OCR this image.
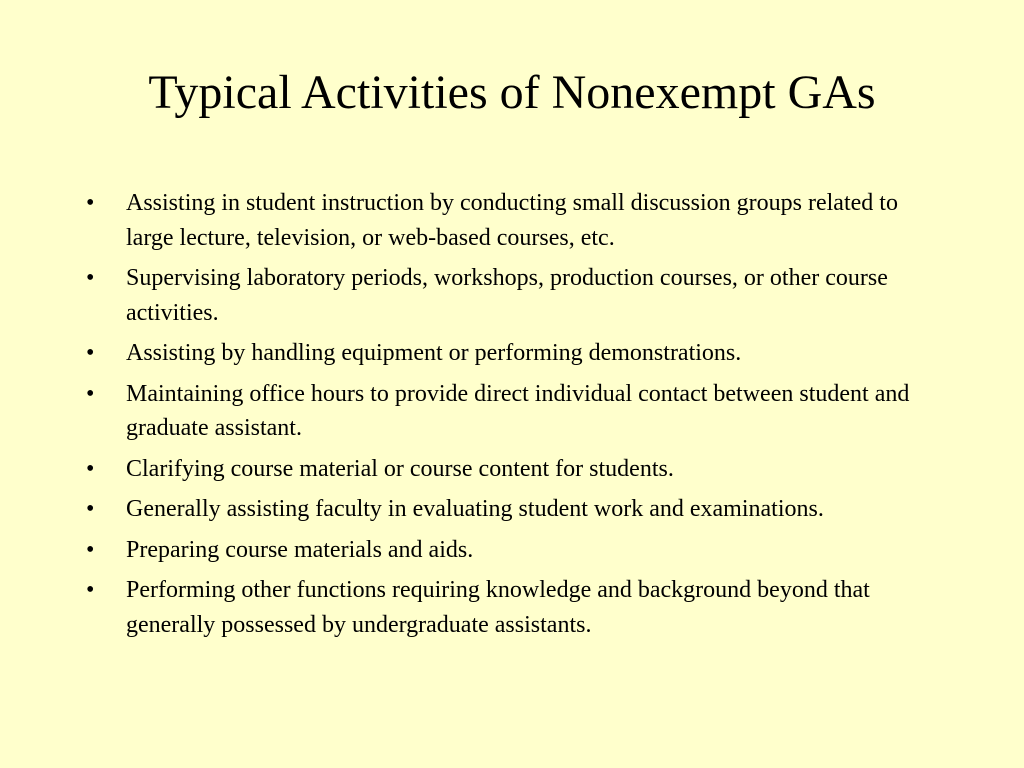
Typical Activities of Nonexempt GAs
•	Assisting in student instruction by conducting small discussion groups related to large lecture, television, or web-based courses, etc.
•	Supervising laboratory periods, workshops, production courses, or other course activities.
•	Assisting by handling equipment or performing demonstrations.
•	Maintaining office hours to provide direct individual contact between student and graduate assistant.
•	Clarifying course material or course content for students.
•	Generally assisting faculty in evaluating student work and examinations.
•	Preparing course materials and aids.
•	Performing other functions requiring knowledge and background beyond that generally possessed by undergraduate assistants.
